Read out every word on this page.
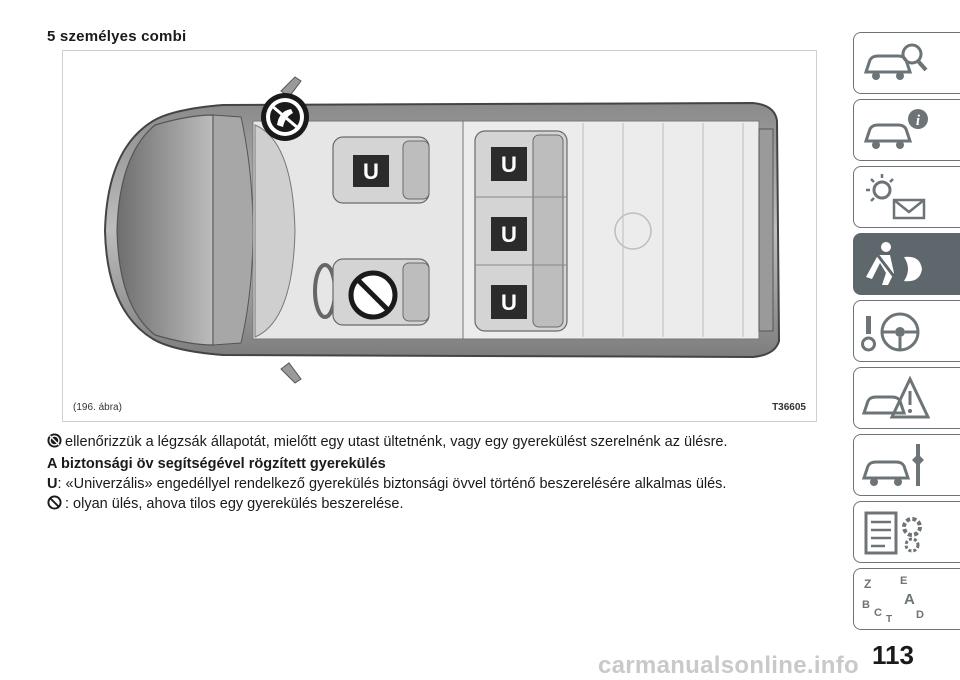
5 személyes combi
U	U
U
U
(196. ábra)	T36605
ellenőrizzük a légzsák állapotát, mielőtt egy utast ültetnénk, vagy egy gyerekülést szerelnénk az ülésre.
A biztonsági öv segítségével rögzített gyerekülés
U: «Univerzális» engedéllyel rendelkező gyerekülés biztonsági övvel történő beszerelésére alkalmas ülés.
: olyan ülés, ahova tilos egy gyerekülés beszerelése.
i
Z	E
B A
C	D
T
113
carmanualsonline.info
